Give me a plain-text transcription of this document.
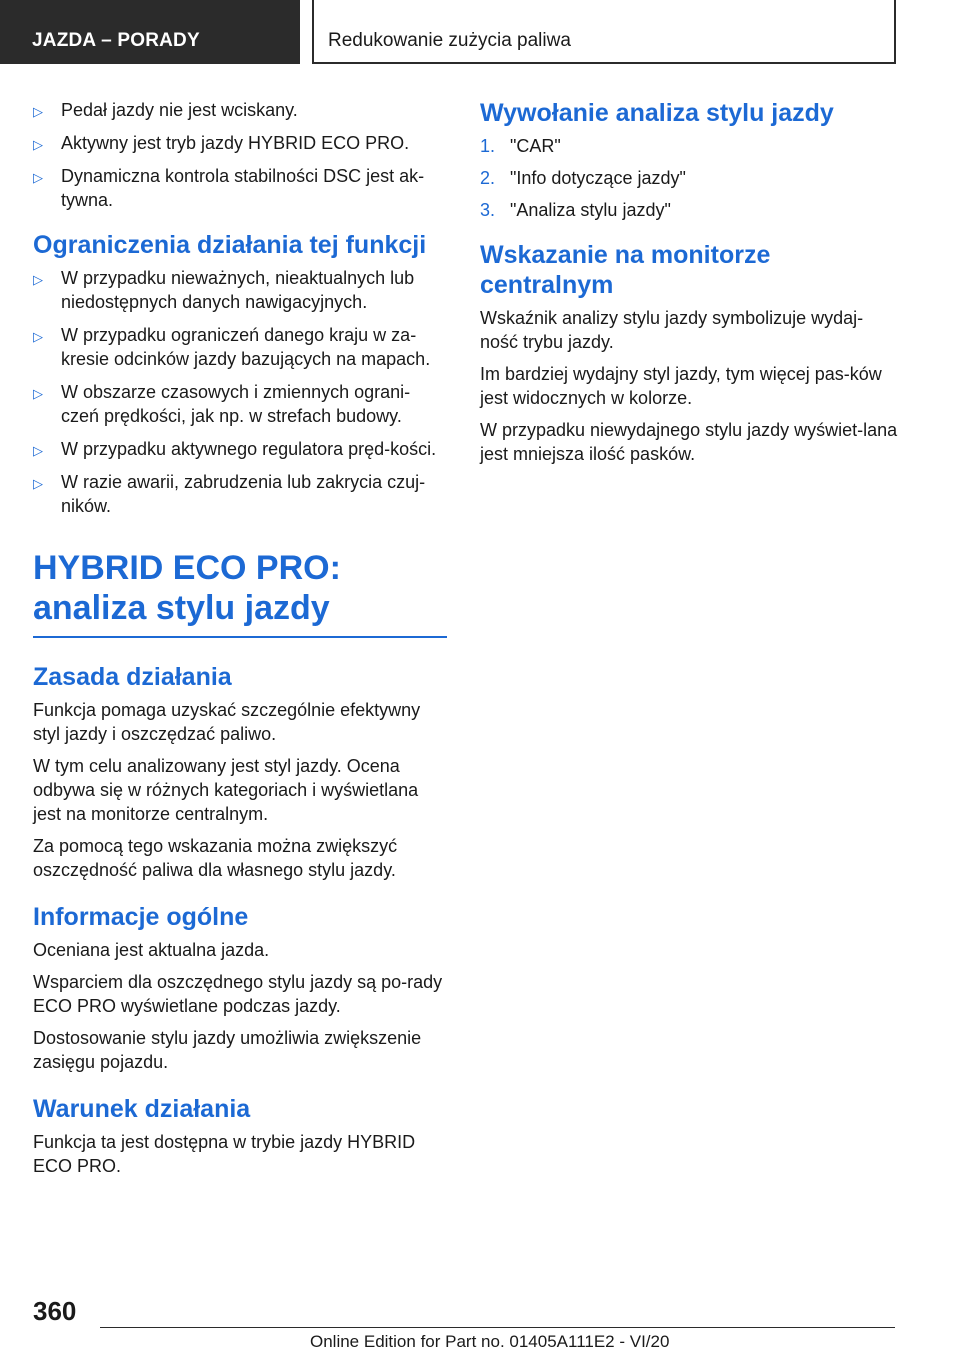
JAZDA – PORADY	Redukowanie zużycia paliwa
▷ Pedał jazdy nie jest wciskany.
▷ Aktywny jest tryb jazdy HYBRID ECO PRO.
▷ Dynamiczna kontrola stabilności DSC jest ak-tywna.
Ograniczenia działania tej funkcji
▷ W przypadku nieważnych, nieaktualnych lub niedostępnych danych nawigacyjnych.
▷ W przypadku ograniczeń danego kraju w za-kresie odcinków jazdy bazujących na mapach.
▷ W obszarze czasowych i zmiennych ograni-czeń prędkości, jak np. w strefach budowy.
▷ W przypadku aktywnego regulatora pręd-kości.
▷ W razie awarii, zabrudzenia lub zakrycia czuj-ników.
HYBRID ECO PRO: analiza stylu jazdy
Zasada działania

Funkcja pomaga uzyskać szczególnie efektywny styl jazdy i oszczędzać paliwo.

W tym celu analizowany jest styl jazdy. Ocena odbywa się w różnych kategoriach i wyświetlana jest na monitorze centralnym.

Za pomocą tego wskazania można zwiększyć oszczędność paliwa dla własnego stylu jazdy.

Informacje ogólne

Oceniana jest aktualna jazda.

Wsparciem dla oszczędnego stylu jazdy są po-rady ECO PRO wyświetlane podczas jazdy.

Dostosowanie stylu jazdy umożliwia zwiększenie zasięgu pojazdu.

Warunek działania

Funkcja ta jest dostępna w trybie jazdy HYBRID ECO PRO.

Wywołanie analiza stylu jazdy
1. "CAR"
2. "Info dotyczące jazdy"
3. "Analiza stylu jazdy"
Wskazanie na monitorze centralnym

Wskaźnik analizy stylu jazdy symbolizuje wydaj-ność trybu jazdy.

Im bardziej wydajny styl jazdy, tym więcej pas-ków jest widocznych w kolorze.

W przypadku niewydajnego stylu jazdy wyświet-lana jest mniejsza ilość pasków.

360
Online Edition for Part no. 01405A111E2 - VI/20
